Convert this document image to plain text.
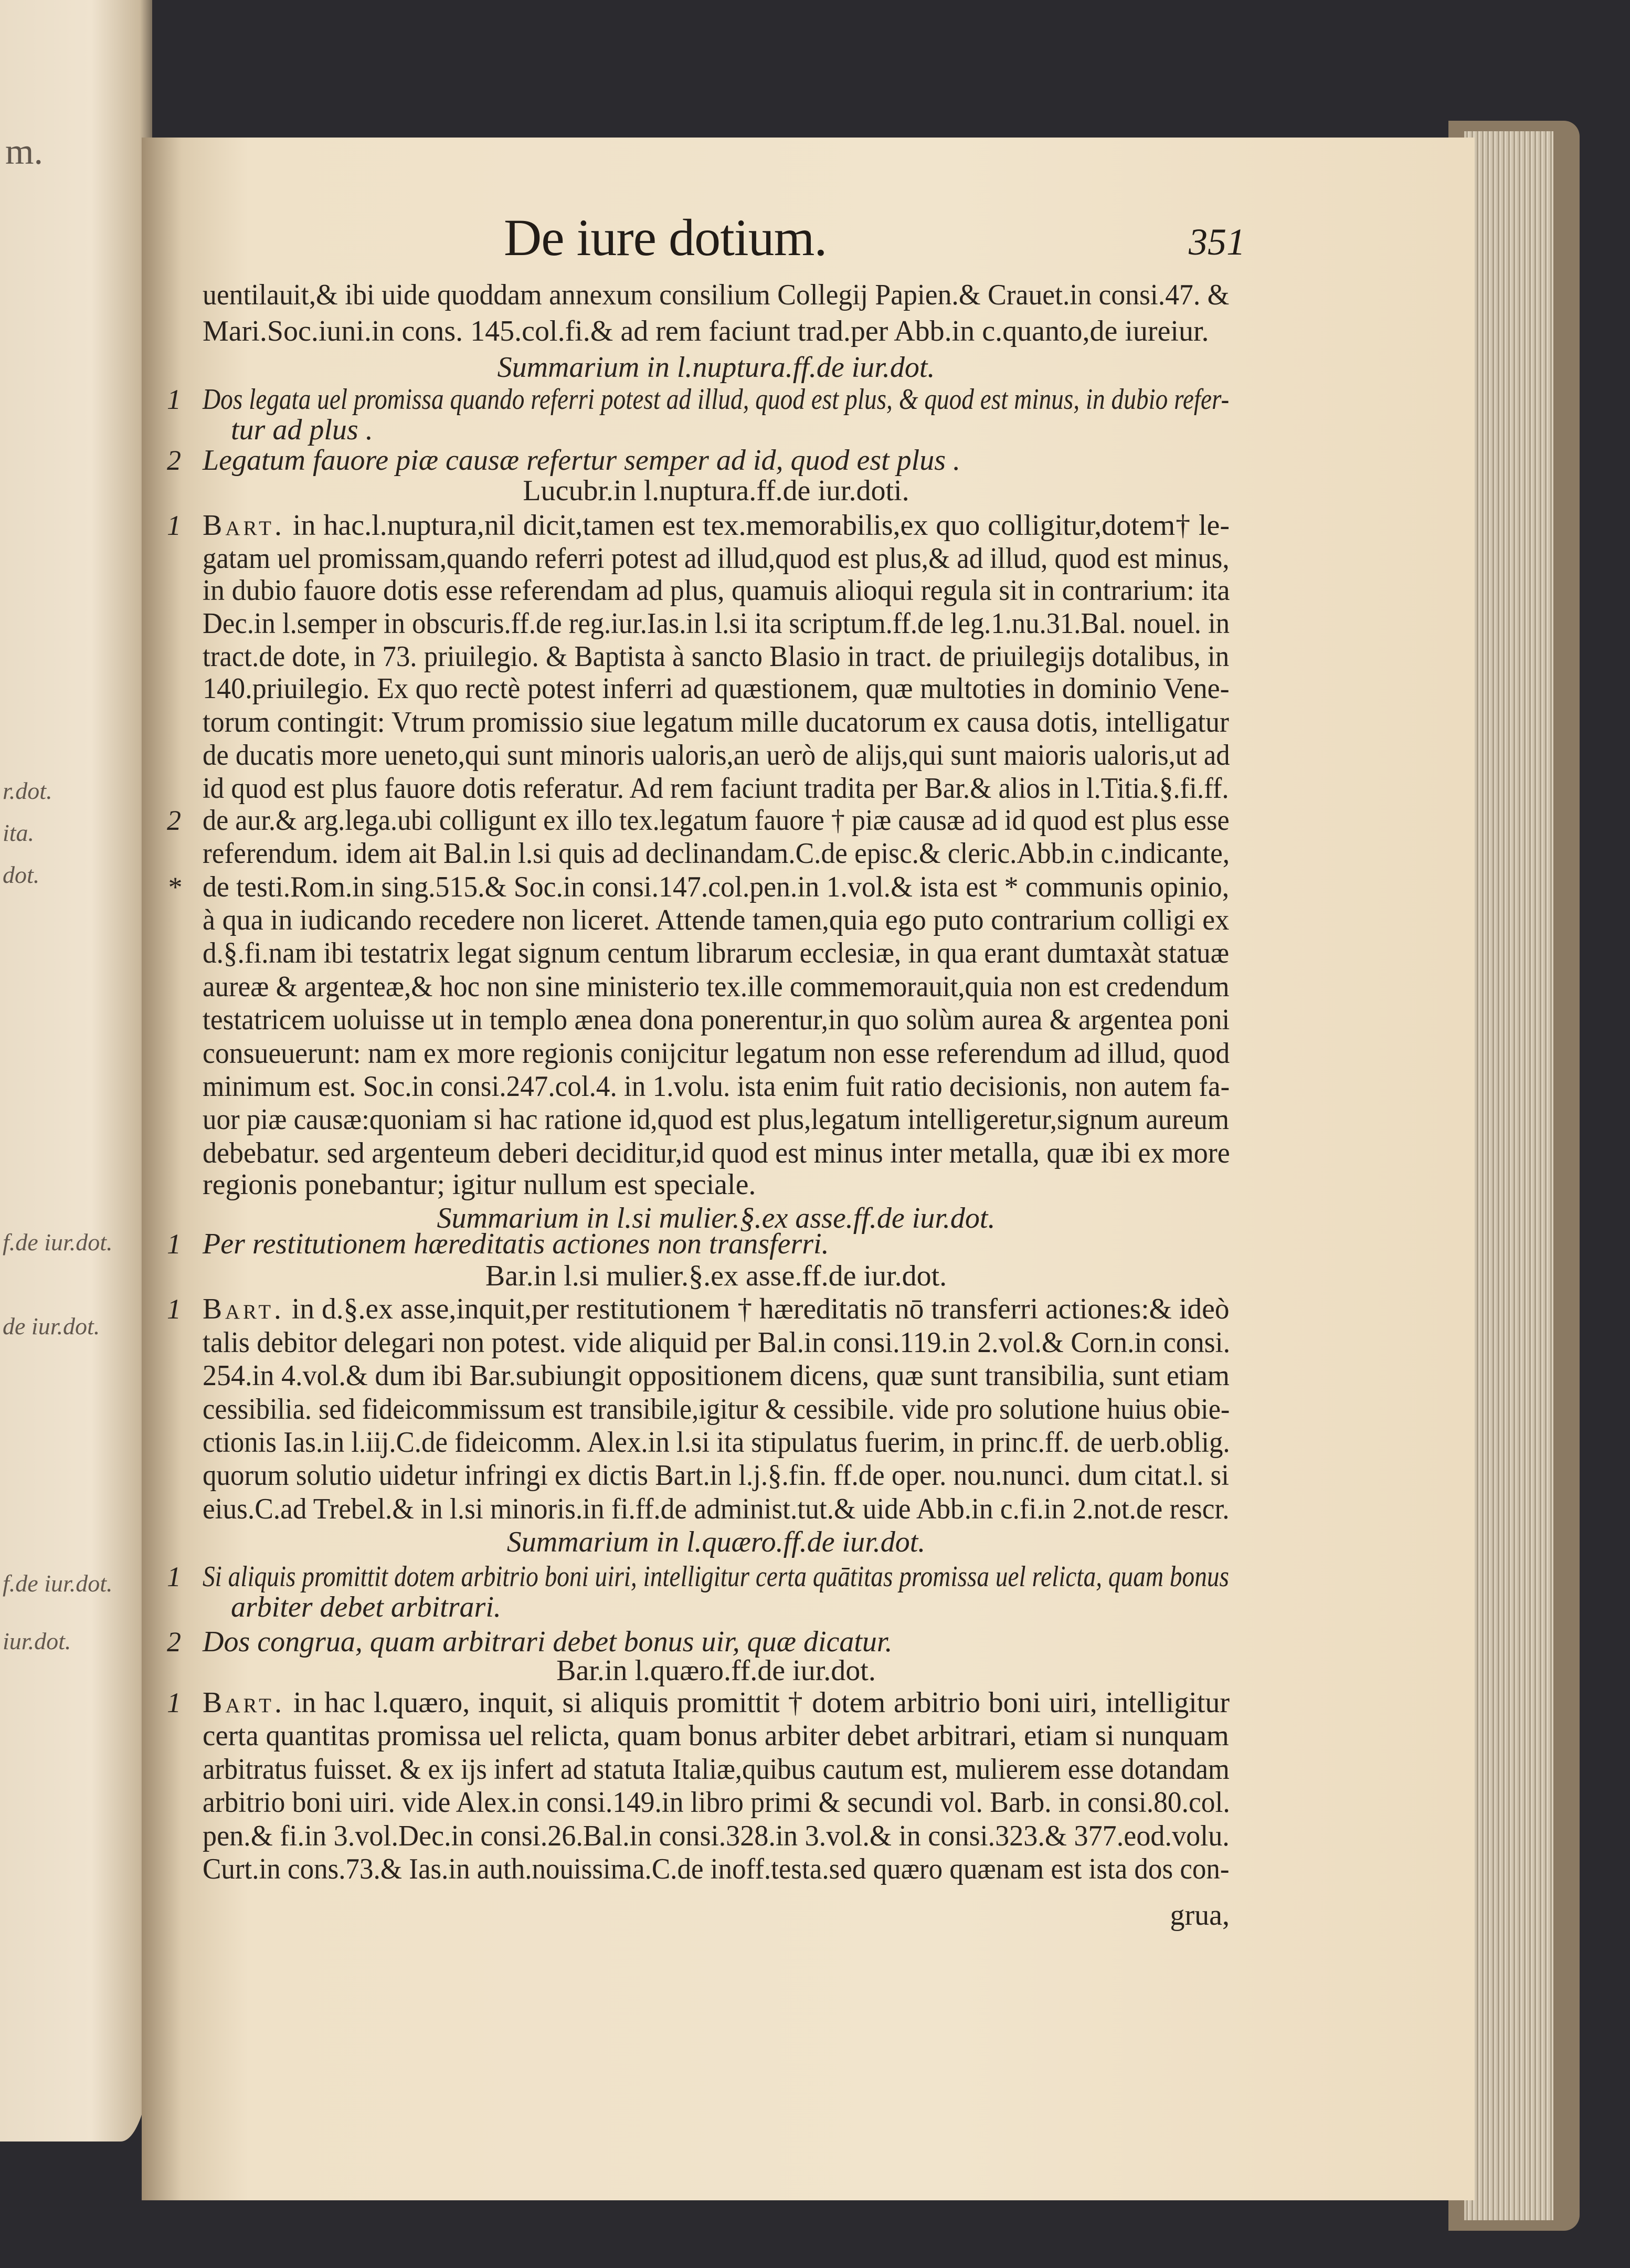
De iure dotium.	351
uentilauit,& ibi uide quoddam annexum consilium Collegij Papien.& Crauet.in consi.47. &
Mari.Soc.iuni.in cons. 145.col.fi.& ad rem faciunt trad.per Abb.in c.quanto,de iureiur.
Summarium in l.nuptura.ff.de iur.dot.
Dos legata uel promissa quando referri potest ad illud, quod est plus, & quod est minus, in dubio refer-
1
tur ad plus .
Legatum fauore piæ causæ refertur semper ad id, quod est plus .
2
Lucubr.in l.nuptura.ff.de iur.doti.
Bart. in hac.l.nuptura,nil dicit,tamen est tex.memorabilis,ex quo colligitur,dotem† le-
1
gatam uel promissam,quando referri potest ad illud,quod est plus,& ad illud, quod est minus,
in dubio fauore dotis esse referendam ad plus, quamuis alioqui regula sit in contrarium: ita
Dec.in l.semper in obscuris.ff.de reg.iur.Ias.in l.si ita scriptum.ff.de leg.1.nu.31.Bal. nouel. in
tract.de dote, in 73. priuilegio. & Baptista à sancto Blasio in tract. de priuilegijs dotalibus, in
140.priuilegio. Ex quo rectè potest inferri ad quæstionem, quæ multoties in dominio Vene-
torum contingit: Vtrum promissio siue legatum mille ducatorum ex causa dotis, intelligatur
de ducatis more ueneto,qui sunt minoris ualoris,an uerò de alijs,qui sunt maioris ualoris,ut ad
id quod est plus fauore dotis referatur. Ad rem faciunt tradita per Bar.& alios in l.Titia.§.fi.ff.
de aur.& arg.lega.ubi colligunt ex illo tex.legatum fauore † piæ causæ ad id quod est plus esse
2
referendum. idem ait Bal.in l.si quis ad declinandam.C.de episc.& cleric.Abb.in c.indicante,
de testi.Rom.in sing.515.& Soc.in consi.147.col.pen.in 1.vol.& ista est * communis opinio,
*
à qua in iudicando recedere non liceret. Attende tamen,quia ego puto contrarium colligi ex
d.§.fi.nam ibi testatrix legat signum centum librarum ecclesiæ, in qua erant dumtaxàt statuæ
aureæ & argenteæ,& hoc non sine ministerio tex.ille commemorauit,quia non est credendum
testatricem uoluisse ut in templo ænea dona ponerentur,in quo solùm aurea & argentea poni
consueuerunt: nam ex more regionis conijcitur legatum non esse referendum ad illud, quod
minimum est. Soc.in consi.247.col.4. in 1.volu. ista enim fuit ratio decisionis, non autem fa-
uor piæ causæ:quoniam si hac ratione id,quod est plus,legatum intelligeretur,signum aureum
debebatur. sed argenteum deberi deciditur,id quod est minus inter metalla, quæ ibi ex more
regionis ponebantur; igitur nullum est speciale.
Summarium in l.si mulier.§.ex asse.ff.de iur.dot.
Per restitutionem hæreditatis actiones non transferri.
1
Bar.in l.si mulier.§.ex asse.ff.de iur.dot.
Bart. in d.§.ex asse,inquit,per restitutionem † hæreditatis nō transferri actiones:& ideò
1
talis debitor delegari non potest. vide aliquid per Bal.in consi.119.in 2.vol.& Corn.in consi.
254.in 4.vol.& dum ibi Bar.subiungit oppositionem dicens, quæ sunt transibilia, sunt etiam
cessibilia. sed fideicommissum est transibile,igitur & cessibile. vide pro solutione huius obie-
ctionis Ias.in l.iij.C.de fideicomm. Alex.in l.si ita stipulatus fuerim, in princ.ff. de uerb.oblig.
quorum solutio uidetur infringi ex dictis Bart.in l.j.§.fin. ff.de oper. nou.nunci. dum citat.l. si
eius.C.ad Trebel.& in l.si minoris.in fi.ff.de administ.tut.& uide Abb.in c.fi.in 2.not.de rescr.
Summarium in l.quæro.ff.de iur.dot.
Si aliquis promittit dotem arbitrio boni uiri, intelligitur certa quātitas promissa uel relicta, quam bonus
1
arbiter debet arbitrari.
Dos congrua, quam arbitrari debet bonus uir, quæ dicatur.
2
Bar.in l.quæro.ff.de iur.dot.
Bart. in hac l.quæro, inquit, si aliquis promittit † dotem arbitrio boni uiri, intelligitur
1
certa quantitas promissa uel relicta, quam bonus arbiter debet arbitrari, etiam si nunquam
arbitratus fuisset. & ex ijs infert ad statuta Italiæ,quibus cautum est, mulierem esse dotandam
arbitrio boni uiri. vide Alex.in consi.149.in libro primi & secundi vol. Barb. in consi.80.col.
pen.& fi.in 3.vol.Dec.in consi.26.Bal.in consi.328.in 3.vol.& in consi.323.& 377.eod.volu.
Curt.in cons.73.& Ias.in auth.nouissima.C.de inoff.testa.sed quæro quænam est ista dos con-
grua,
m.
r.dot.
ita.
dot.
f.de iur.dot.
de iur.dot.
f.de iur.dot.
iur.dot.
